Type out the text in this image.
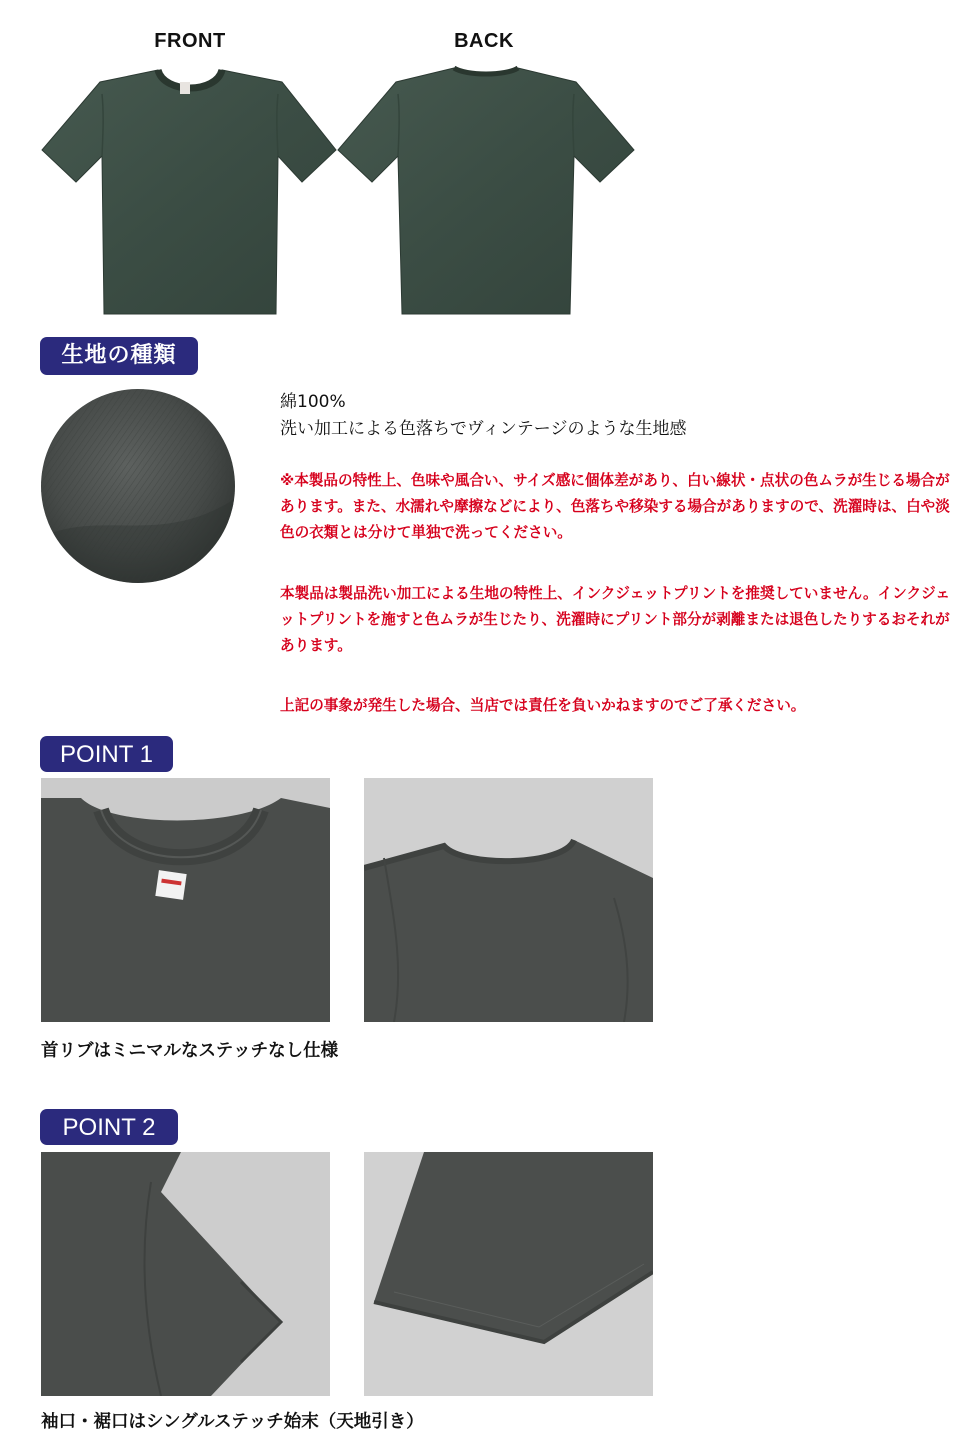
FRONT	BACK
生地の種類
綿100%
洗い加工による色落ちでヴィンテージのような生地感
※本製品の特性上、色味や風合い、サイズ感に個体差があり、白い線状・点状の色ムラが生じる場合があります。また、水濡れや摩擦などにより、色落ちや移染する場合がありますので、洗濯時は、白や淡色の衣類とは分けて単独で洗ってください。
本製品は製品洗い加工による生地の特性上、インクジェットプリントを推奨していません。インクジェットプリントを施すと色ムラが生じたり、洗濯時にプリント部分が剥離または退色したりするおそれがあります。
上記の事象が発生した場合、当店では責任を負いかねますのでご了承ください。
POINT 1
首リブはミニマルなステッチなし仕様
POINT 2
袖口・裾口はシングルステッチ始末（天地引き）
